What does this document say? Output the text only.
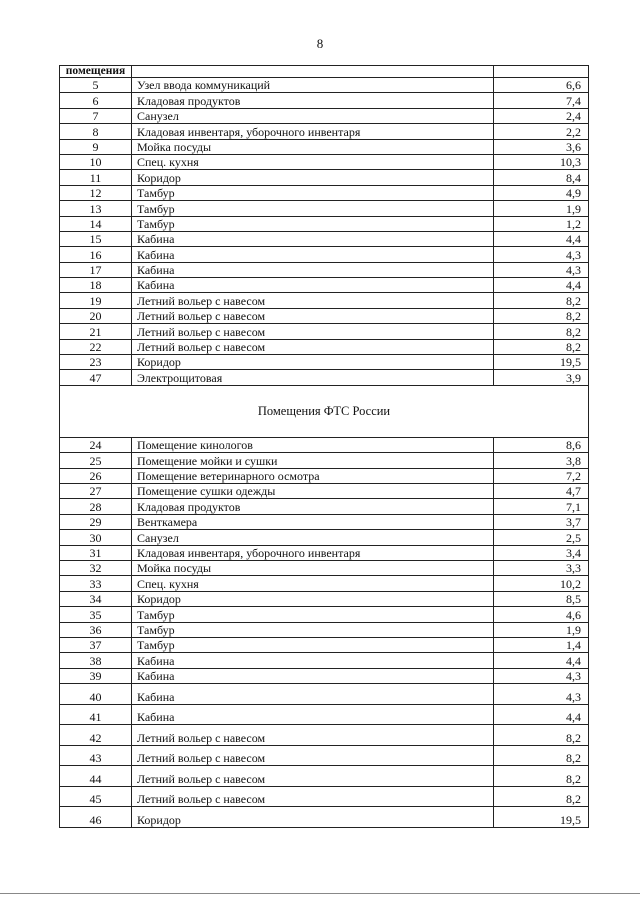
8
помещения		
5	Узел ввода коммуникаций	6,6
6	Кладовая продуктов	7,4
7	Санузел	2,4
8	Кладовая инвентаря, уборочного инвентаря	2,2
9	Мойка посуды	3,6
10	Спец. кухня	10,3
11	Коридор	8,4
12	Тамбур	4,9
13	Тамбур	1,9
14	Тамбур	1,2
15	Кабина	4,4
16	Кабина	4,3
17	Кабина	4,3
18	Кабина	4,4
19	Летний вольер с навесом	8,2
20	Летний вольер с навесом	8,2
21	Летний вольер с навесом	8,2
22	Летний вольер с навесом	8,2
23	Коридор	19,5
47	Электрощитовая	3,9
Помещения ФТС России		
24	Помещение кинологов	8,6
25	Помещение мойки и сушки	3,8
26	Помещение ветеринарного осмотра	7,2
27	Помещение сушки одежды	4,7
28	Кладовая продуктов	7,1
29	Венткамера	3,7
30	Санузел	2,5
31	Кладовая инвентаря, уборочного инвентаря	3,4
32	Мойка посуды	3,3
33	Спец. кухня	10,2
34	Коридор	8,5
35	Тамбур	4,6
36	Тамбур	1,9
37	Тамбур	1,4
38	Кабина	4,4
39	Кабина	4,3
40	Кабина	4,3
41	Кабина	4,4
42	Летний вольер с навесом	8,2
43	Летний вольер с навесом	8,2
44	Летний вольер с навесом	8,2
45	Летний вольер с навесом	8,2
46	Коридор	19,5
